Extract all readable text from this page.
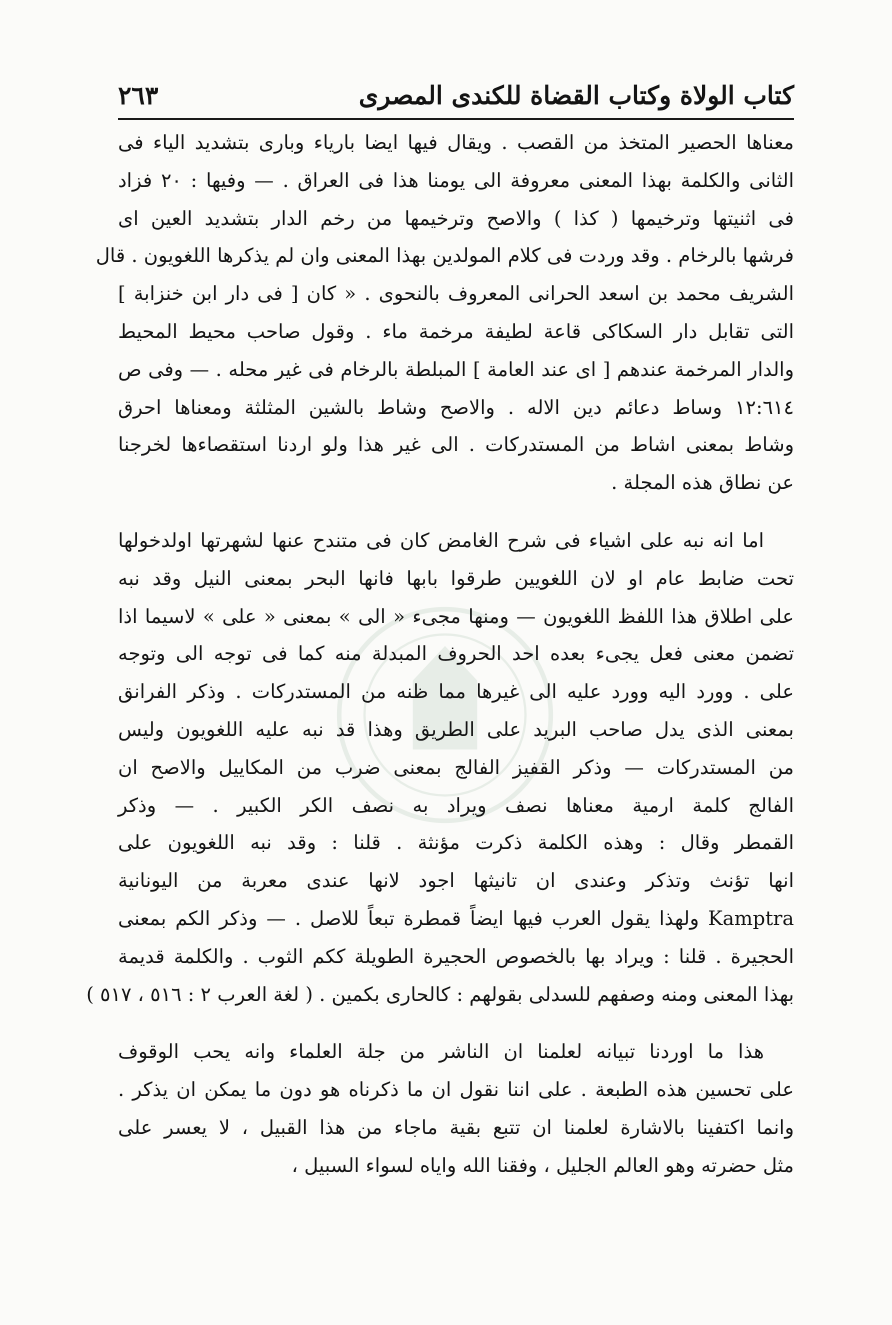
كتاب الولاة وكتاب القضاة للكندى المصرى
٢٦٣
معناها الحصير المتخذ من القصب . ويقال فيها ايضا بارياء وبارى بتشديد الياء فى
الثانى والكلمة بهذا المعنى معروفة الى يومنا هذا فى العراق . — وفيها : ٢٠ فزاد
فى اثنيتها وترخيمها ( كذا ) والاصح وترخيمها من رخم الدار بتشديد العين اى
فرشها بالرخام . وقد وردت فى كلام المولدين بهذا المعنى وان لم يذكرها اللغويون . قال
الشريف محمد بن اسعد الحرانى المعروف بالنحوى . « كان [ فى دار ابن خنزابة ]
التى تقابل دار السكاكى قاعة لطيفة مرخمة ماء . وقول صاحب محيط المحيط
والدار المرخمة عندهم [ اى عند العامة ] المبلطة بالرخام فى غير محله . — وفى ص
١٢:٦١٤ وساط دعائم دين الاله . والاصح وشاط بالشين المثلثة ومعناها احرق
وشاط بمعنى اشاط من المستدركات . الى غير هذا ولو اردنا استقصاءها لخرجنا
عن نطاق هذه المجلة .
اما انه نبه على اشياء فى شرح الغامض كان فى متندح عنها لشهرتها اولدخولها
تحت ضابط عام او لان اللغويين طرقوا بابها فانها البحر بمعنى النيل وقد نبه
على اطلاق هذا اللفظ اللغويون — ومنها مجىء « الى » بمعنى « على » لاسيما اذا
تضمن معنى فعل يجىء بعده احد الحروف المبدلة منه كما فى توجه الى وتوجه
على . وورد اليه وورد عليه الى غيرها مما ظنه من المستدركات . وذكر الفرانق
بمعنى الذى يدل صاحب البريد على الطريق وهذا قد نبه عليه اللغويون وليس
من المستدركات — وذكر القفيز الفالج بمعنى ضرب من المكاييل والاصح ان
الفالج كلمة ارمية معناها نصف ويراد به نصف الكر الكبير . — وذكر
القمطر وقال : وهذه الكلمة ذكرت مؤنثة . قلنا : وقد نبه اللغويون على
انها تؤنث وتذكر وعندى ان تانيثها اجود لانها عندى معربة من اليونانية
Kamptra ولهذا يقول العرب فيها ايضاً قمطرة تبعاً للاصل . — وذكر الكم بمعنى
الحجيرة . قلنا : ويراد بها بالخصوص الحجيرة الطويلة ككم الثوب . والكلمة قديمة
بهذا المعنى ومنه وصفهم للسدلى بقولهم : كالحارى بكمين . ( لغة العرب ٢ : ٥١٦ ، ٥١٧ )
هذا ما اوردنا تبيانه لعلمنا ان الناشر من جلة العلماء وانه يحب الوقوف
على تحسين هذه الطبعة . على اننا نقول ان ما ذكرناه هو دون ما يمكن ان يذكر .
وانما اكتفينا بالاشارة لعلمنا ان تتبع بقية ماجاء من هذا القبيل ، لا يعسر على
مثل حضرته وهو العالم الجليل ، وفقنا الله واياه لسواء السبيل ،
